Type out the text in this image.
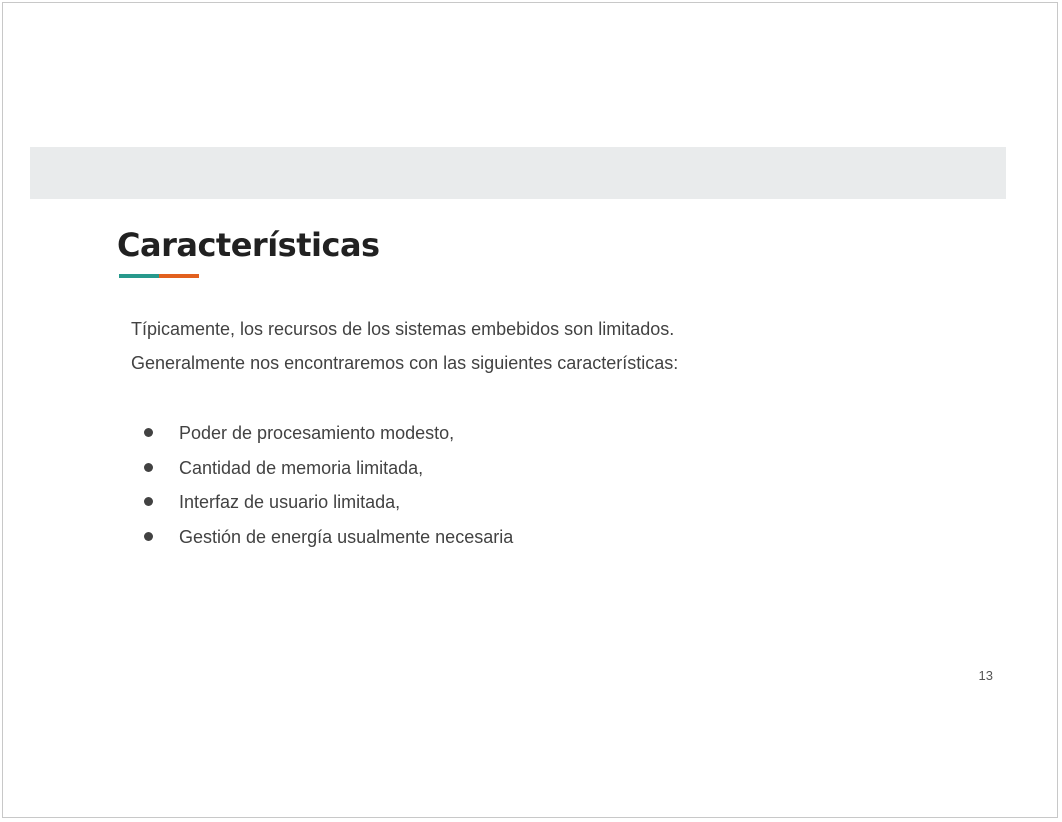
Características

Típicamente, los recursos de los sistemas embebidos son limitados.

Generalmente nos encontraremos con las siguientes características:

Poder de procesamiento modesto,
Cantidad de memoria limitada,
Interfaz de usuario limitada,
Gestión de energía usualmente necesaria
13
